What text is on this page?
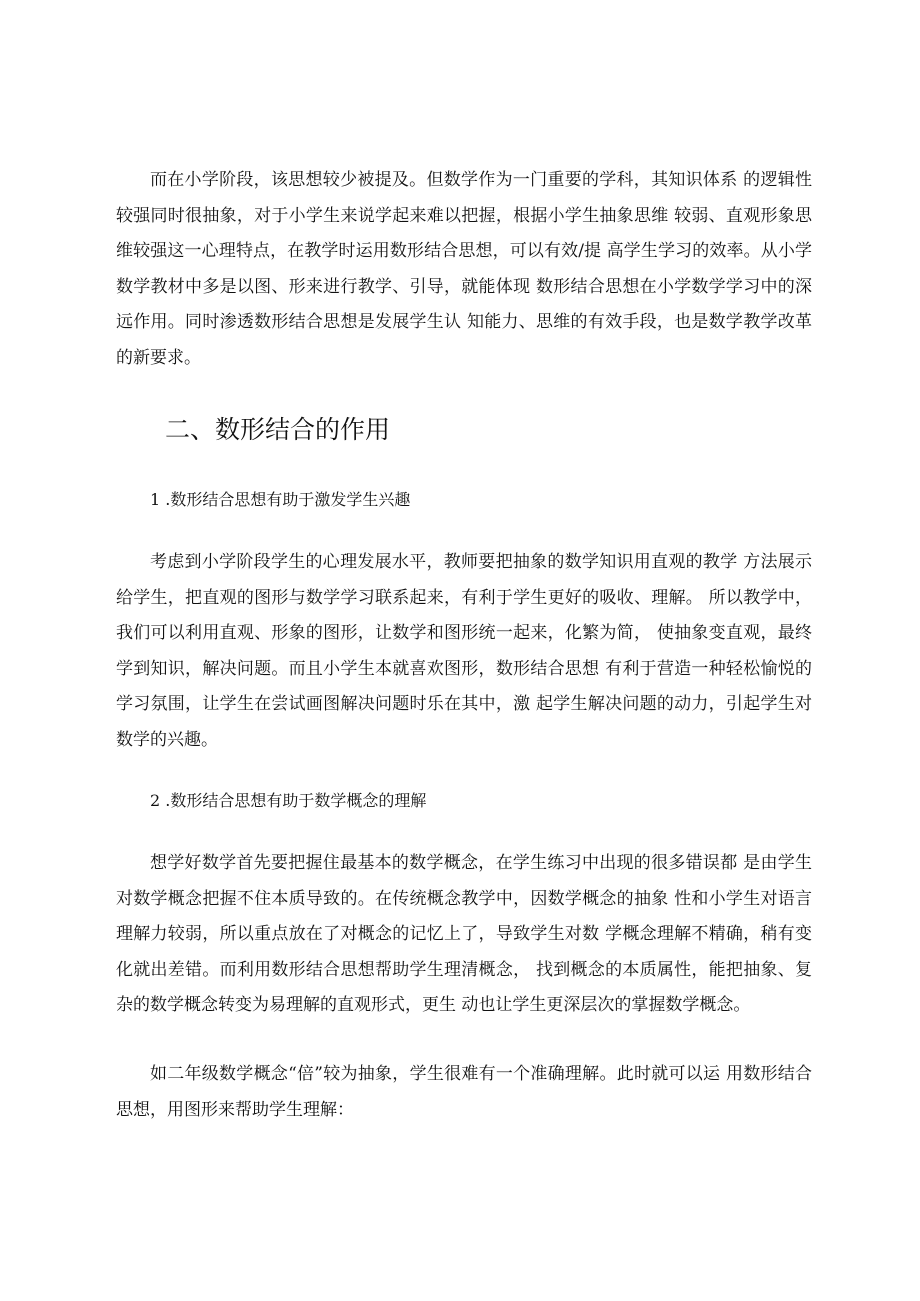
而在小学阶段，该思想较少被提及。但数学作为一门重要的学科，其知识体系 的逻辑性较强同时很抽象，对于小学生来说学起来难以把握，根据小学生抽象思维 较弱、直观形象思维较强这一心理特点，在教学时运用数形结合思想，可以有效/提 高学生学习的效率。从小学数学教材中多是以图、形来进行教学、引导，就能体现 数形结合思想在小学数学学习中的深远作用。同时渗透数形结合思想是发展学生认 知能力、思维的有效手段，也是数学教学改革的新要求。

二、数形结合的作用
1 .数形结合思想有助于激发学生兴趣

考虑到小学阶段学生的心理发展水平，教师要把抽象的数学知识用直观的教学 方法展示给学生，把直观的图形与数学学习联系起来，有利于学生更好的吸收、理解。 所以教学中，我们可以利用直观、形象的图形，让数学和图形统一起来，化繁为简， 使抽象变直观，最终学到知识，解决问题。而且小学生本就喜欢图形，数形结合思想 有利于营造一种轻松愉悦的学习氛围，让学生在尝试画图解决问题时乐在其中，激 起学生解决问题的动力，引起学生对数学的兴趣。

2 .数形结合思想有助于数学概念的理解

想学好数学首先要把握住最基本的数学概念，在学生练习中出现的很多错误都 是由学生对数学概念把握不住本质导致的。在传统概念教学中，因数学概念的抽象 性和小学生对语言理解力较弱，所以重点放在了对概念的记忆上了，导致学生对数 学概念理解不精确，稍有变化就出差错。而利用数形结合思想帮助学生理清概念， 找到概念的本质属性，能把抽象、复杂的数学概念转变为易理解的直观形式，更生 动也让学生更深层次的掌握数学概念。

如二年级数学概念“倍”较为抽象，学生很难有一个准确理解。此时就可以运 用数形结合思想，用图形来帮助学生理解：
